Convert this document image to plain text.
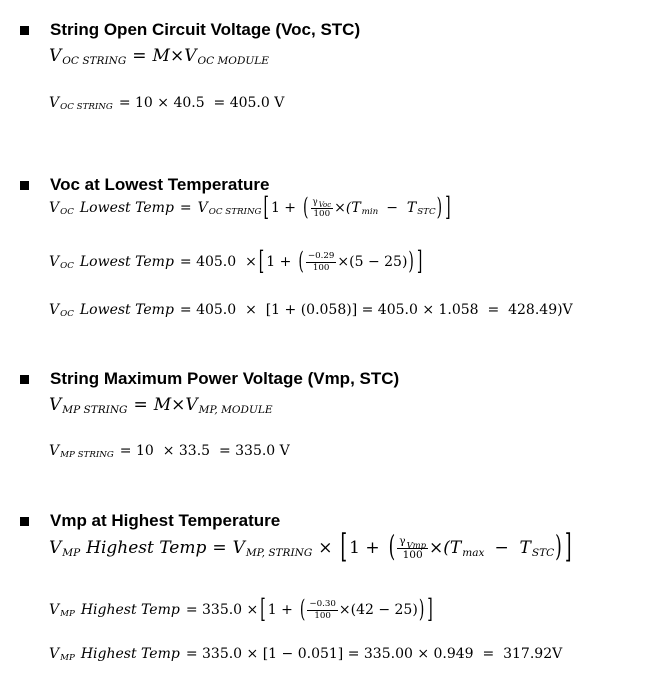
String Open Circuit Voltage (Voc, STC)
V OC STRING = M × V OC MODULE
V OC STRING = 10 × 40.5  = 405.0 V
Voc at Lowest Temperature
V OC Lowest Temp = V OC STRING [ 1 + ( $\frac{\gamma_{Voc}}{100} \times(T$ min −  T STC ) ]
V OC Lowest Temp = 405.0  × [ 1 + ( $\frac{-0.29}{100} \times(5 - 25)$ ) ]
V OC Lowest Temp = 405.0  ×  [1 + (0.058)] = 405.0 × 1.058  =  428.49)V
String Maximum Power Voltage (Vmp, STC)
V MP STRING = M × V MP, MODULE
V MP STRING = 10  × 33.5  = 335.0 V
Vmp at Highest Temperature
V MP Highest Temp = V MP, STRING × [ 1 + ( $\frac{\gamma_{Vmp}}{100} \times(T$ max −  T STC ) ]
V MP Highest Temp = 335.0 × [ 1 + ( $\frac{-0.30}{100} \times(42 - 25)$ ) ]
V MP Highest Temp = 335.0 × [1 − 0.051] = 335.00 × 0.949  =  317.92V
